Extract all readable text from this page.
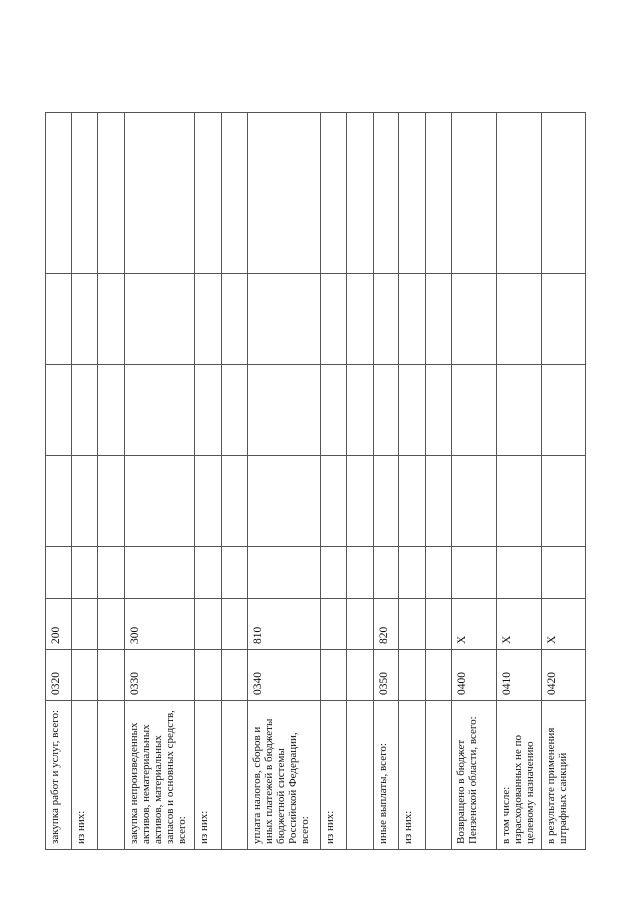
закупка работ и услуг, всего:	0320	200					
из них:							

закупка непроизведенных активов, нематериальных активов, материальных запасов и основных средств, всего:	0330	300					
из них:							

уплата налогов, сборов и иных платежей в бюджеты бюджетной системы Российской Федерации, всего:	0340	810					
из них:							

иные выплаты, всего:	0350	820					
из них:							

Возвращено в бюджет Пензенской области, всего:	0400	X					
в том числе: израсходованных не по целевому назначению	0410	X					
в результате применения штрафных санкций	0420	X					
